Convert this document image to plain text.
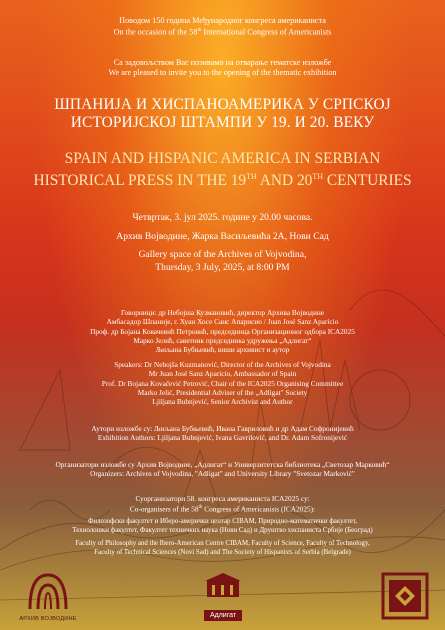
Поводом 150 година Међународног конгреса американиста
On the occasion of the 58th International Congress of Americanists
Са задовољством Вас позивамо на отварање тематске изложбе
We are pleased to invite you to the opening of the thematic exhibition
ШПАНИЈА И ХИСПАНОАМЕРИКА У СРПСКОЈ
ИСТОРИЈСКОЈ ШТАМПИ У 19. И 20. ВЕКУ
SPAIN AND HISPANIC AMERICA IN SERBIAN
HISTORICAL PRESS IN THE 19TH AND 20TH CENTURIES
Четвртак, 3. јул 2025. године у 20.00 часова.
Архив Војводине, Жарка Васиљевића 2А, Нови Сад
Gallery space of the Archives of Vojvodina,
Thursday, 3 July, 2025, at 8:00 PM
Говорници: др Небојша Кузмановић, директор Архива Војводине
Амбасадор Шпаније, г. Хуан Хосе Санс Апарисио / Juan José Sanz Aparicio
Проф. др Бојана Ковачевић Петровић, председница Организационог одбора ICA2025
Марко Јелић, саветник председника удружења „Адлигат“
Љиљана Бубњевић, виши архивист и аутор
Speakers: Dr Nebojša Kuzmanović, Director of the Archives of Vojvodina
Mr Juan José Sanz Aparicio, Ambassador of Spain
Prof. Dr Bojana Kovačević Petrović, Chair of the ICA2025 Organising Committee
Marko Jelić, Presidential Adviser of the „Adligat" Society
Ljiljana Bubnjević, Senior Archivist and Author
Аутори изложбе су: Љиљана Бубњевић, Ивана Гавриловић и др Адам Софронијевић
Exhibition Authors: Ljiljana Bubnjević, Ivana Gavrilović, and Dr. Adam Sofronijević
Организатори изложбе су Архив Војводине, „Адлигат“ и Универзитетска библиотека „Светозар Марковић“
Organizers: Archives of Vojvodina, "Adligat" and University Library "Svetozar Marković"
Суорганизатори 58. конгреса американиста ICA2025 су:
Co-organisers of the 58th Congress of Americanists (ICA2025):
Филозофски факултет и Иберо-амерички центар CIBAM, Природно-математички факултет,
Технолошки факултет, Факултет техничких наука (Нови Сад) и Друштво хиспаниста Србије (Београд)
Faculty of Philosophy and the Ibero-American Centre CIBAM, Faculty of Science, Faculty of Technology,
Faculty of Technical Sciences (Novi Sad) and The Society of Hispanists of Serbia (Belgrade)
АРХИВ ВОЈВОДИНЕ	Адлигат
